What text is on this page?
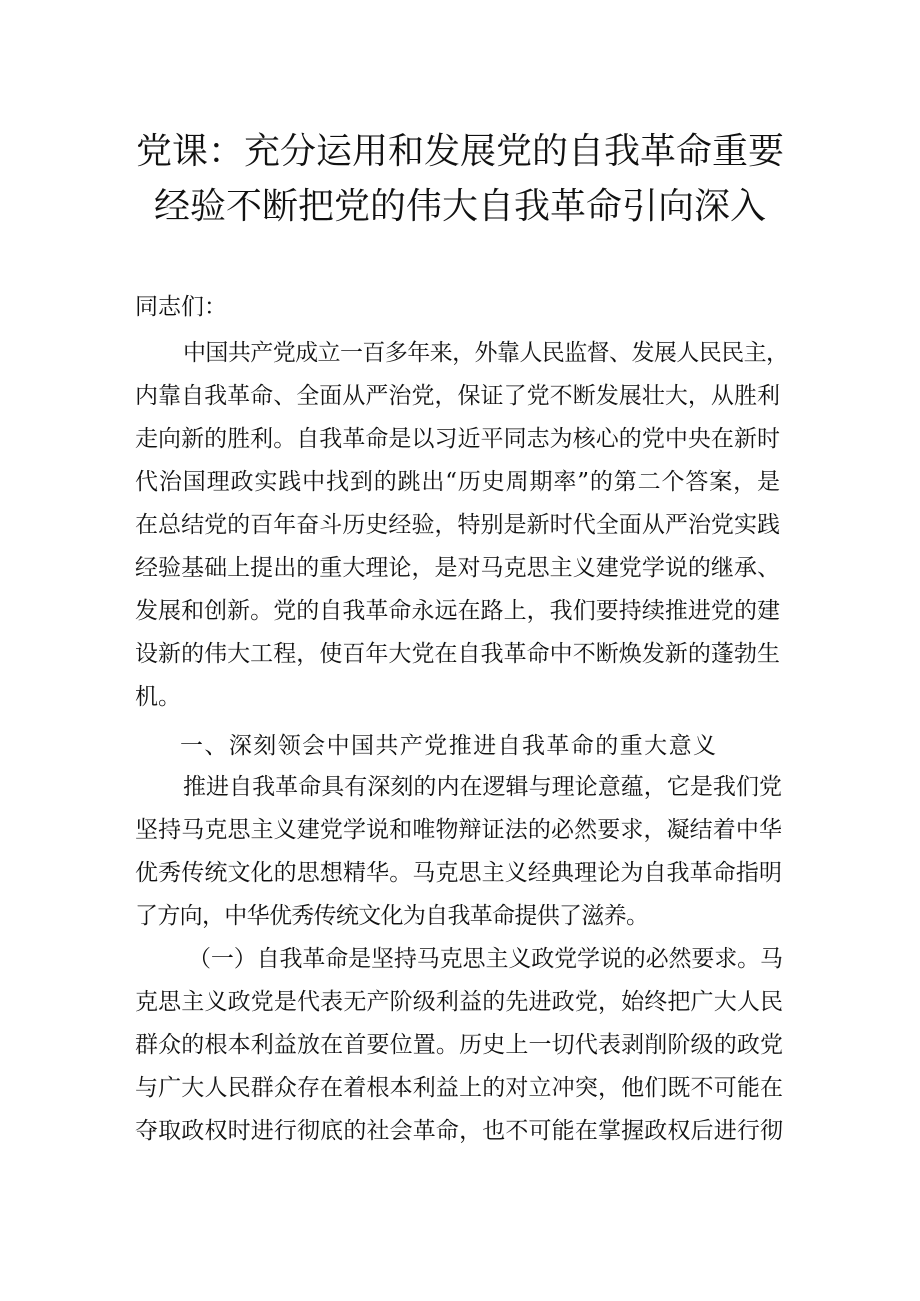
党课：充分运用和发展党的自我革命重要
经验不断把党的伟大自我革命引向深入
同志们：
中国共产党成立一百多年来，外靠人民监督、发展人民民主，
内靠自我革命、全面从严治党，保证了党不断发展壮大，从胜利
走向新的胜利。自我革命是以习近平同志为核心的党中央在新时
代治国理政实践中找到的跳出“历史周期率”的第二个答案，是
在总结党的百年奋斗历史经验，特别是新时代全面从严治党实践
经验基础上提出的重大理论，是对马克思主义建党学说的继承、
发展和创新。党的自我革命永远在路上，我们要持续推进党的建
设新的伟大工程，使百年大党在自我革命中不断焕发新的蓬勃生
机。
一、深刻领会中国共产党推进自我革命的重大意义
推进自我革命具有深刻的内在逻辑与理论意蕴，它是我们党
坚持马克思主义建党学说和唯物辩证法的必然要求，凝结着中华
优秀传统文化的思想精华。马克思主义经典理论为自我革命指明
了方向，中华优秀传统文化为自我革命提供了滋养。
（一）自我革命是坚持马克思主义政党学说的必然要求。马
克思主义政党是代表无产阶级利益的先进政党，始终把广大人民
群众的根本利益放在首要位置。历史上一切代表剥削阶级的政党
与广大人民群众存在着根本利益上的对立冲突，他们既不可能在
夺取政权时进行彻底的社会革命，也不可能在掌握政权后进行彻
